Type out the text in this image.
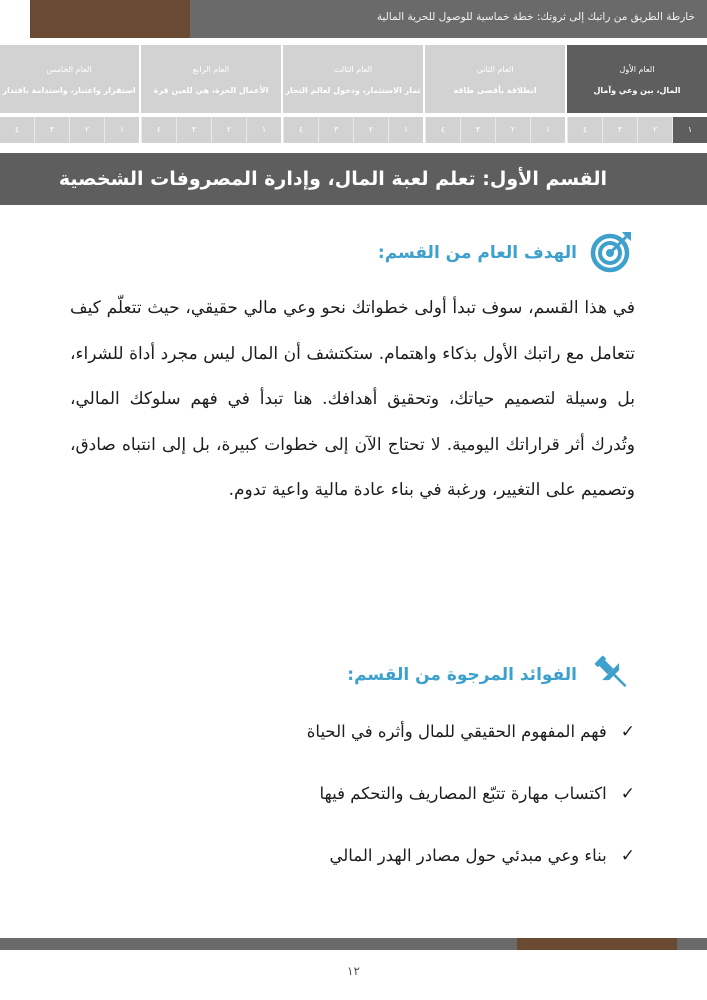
خارطة الطريق من راتبك إلى ثروتك: خطة خماسية للوصول للحرية المالية
العام الأول
المال، بين وعي وآمال
١
٢
٣
٤
العام الثاني
انطلاقة بأقصى طاقة
١
٢
٣
٤
العام الثالث
ثمار الاستثمار، ودخول لعالم التجار
١
٢
٣
٤
العام الرابع
الأعمال الحرة، هي للعين قرة
١
٢
٣
٤
العام الخامس
استقرار واعتبار، واستدامة باقتدار
١
٢
٣
٤
القسم الأول: تعلم لعبة المال، وإدارة المصروفات الشخصية
الهدف العام من القسم:
في هذا القسم، سوف تبدأ أولى خطواتك نحو وعي مالي حقيقي، حيث تتعلّم كيف تتعامل مع راتبك الأول بذكاء واهتمام. ستكتشف أن المال ليس مجرد أداة للشراء، بل وسيلة لتصميم حياتك، وتحقيق أهدافك. هنا تبدأ في فهم سلوكك المالي، وتُدرك أثر قراراتك اليومية. لا تحتاج الآن إلى خطوات كبيرة، بل إلى انتباه صادق، وتصميم على التغيير، ورغبة في بناء عادة مالية واعية تدوم.
الفوائد المرجوة من القسم:
✓
فهم المفهوم الحقيقي للمال وأثره في الحياة
✓
اكتساب مهارة تتبّع المصاريف والتحكم فيها
✓
بناء وعي مبدئي حول مصادر الهدر المالي
١٢
